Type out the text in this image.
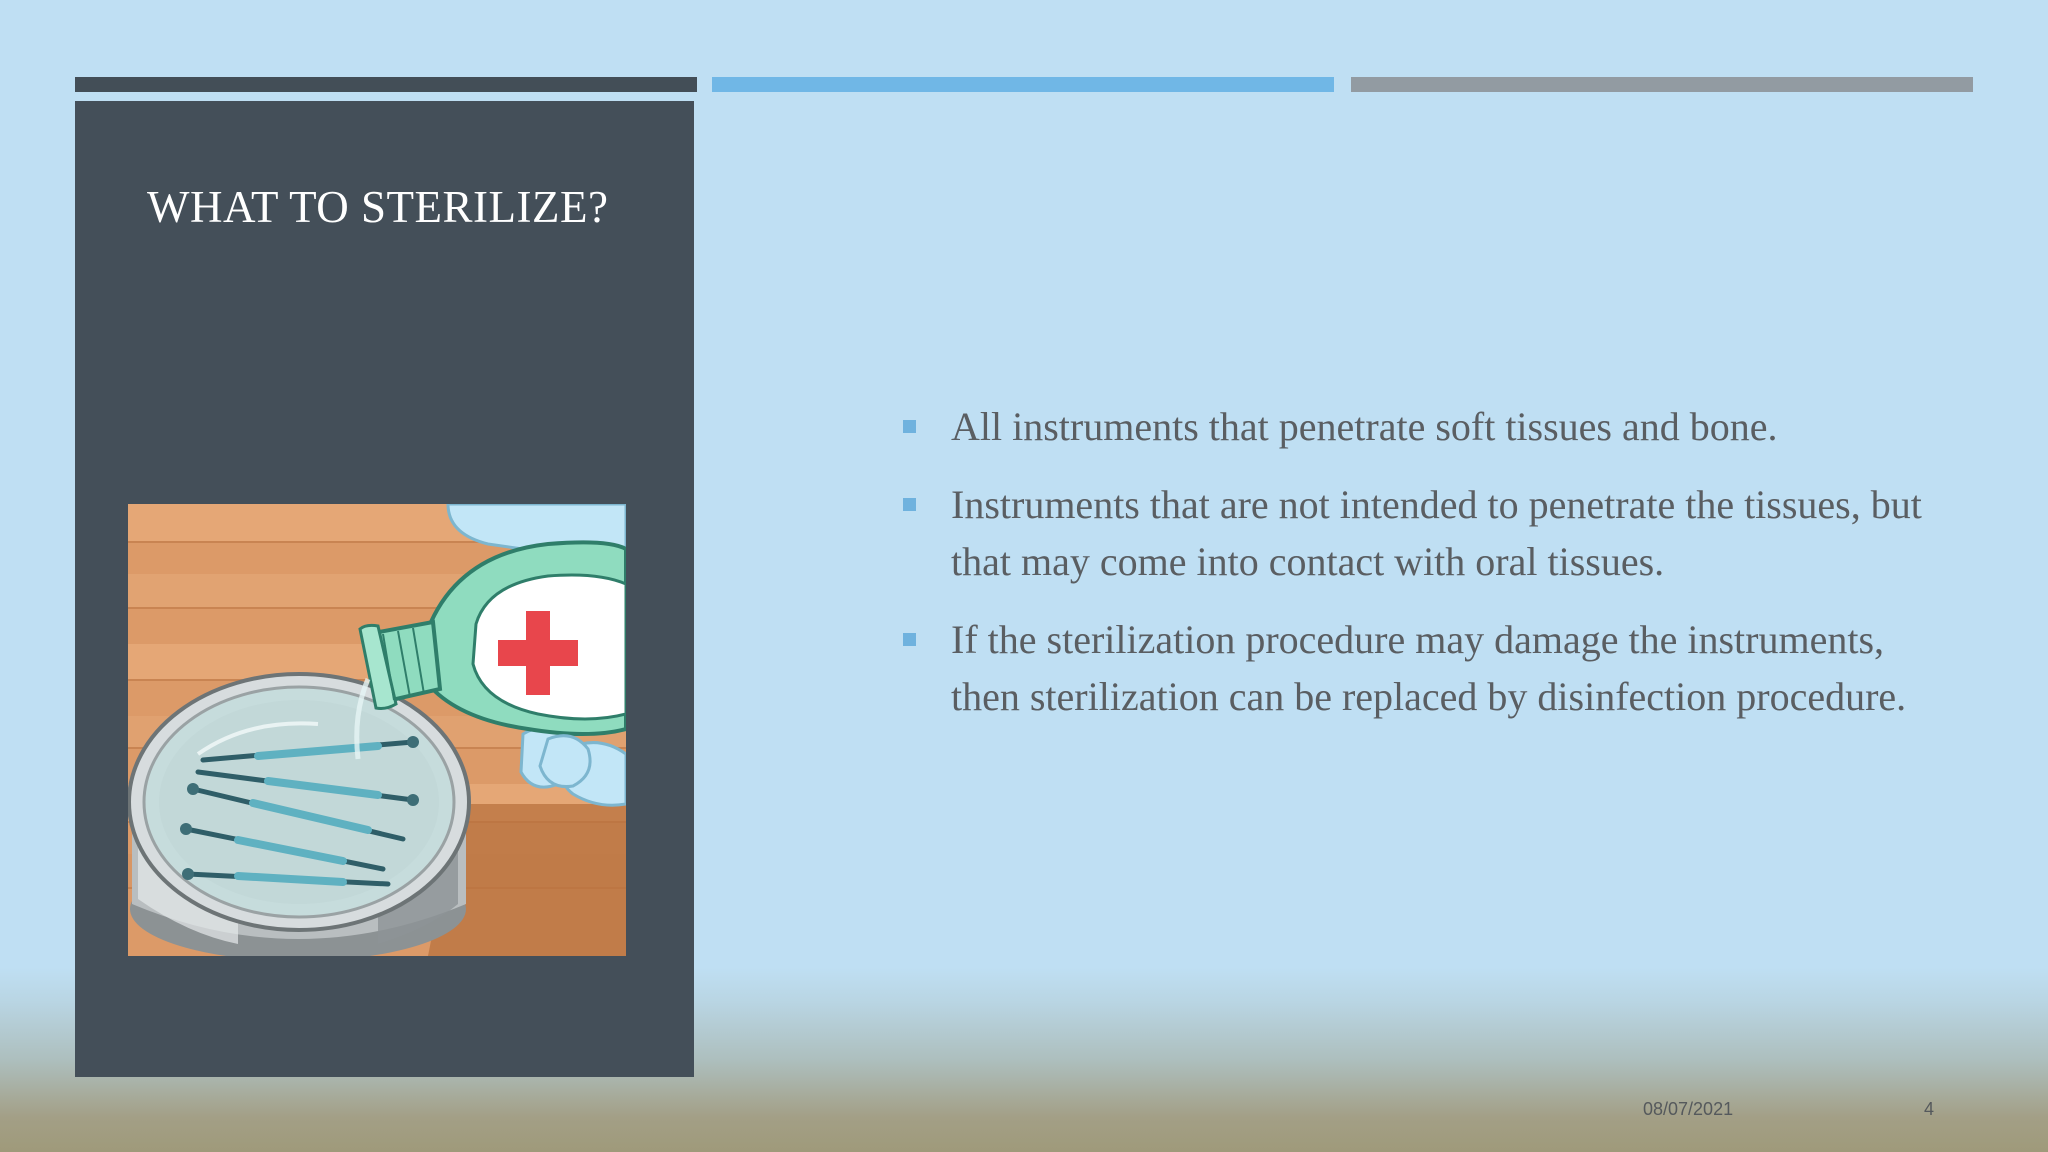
WHAT TO STERILIZE?
All instruments that penetrate soft tissues and bone.
Instruments that are not intended to penetrate the tissues, but that may come into contact with oral tissues.
If the sterilization procedure may damage the instruments, then sterilization can be replaced by disinfection procedure.
08/07/2021	4
